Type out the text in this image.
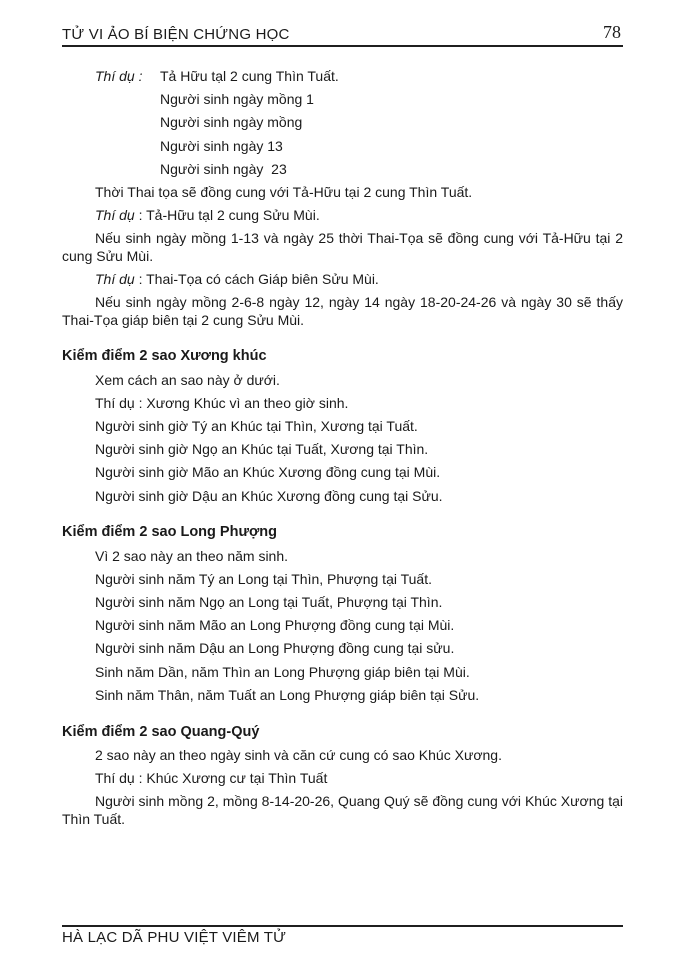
TỬ VI ẢO BÍ BIỆN CHỨNG HỌC	78
Thí dụ : Tả Hữu tạl 2 cung Thìn Tuất.
Người sinh ngày mồng 1
Người sinh ngày mồng
Người sinh ngày 13
Người sinh ngày  23
Thời Thai tọa sẽ đồng cung với Tả-Hữu tại 2 cung Thìn Tuất.
Thí dụ : Tả-Hữu tạl 2 cung Sửu Mùi.
Nếu sinh ngày mồng 1-13 và ngày 25 thời Thai-Tọa sẽ đồng cung với Tả-Hữu tại 2
cung Sửu Mùi.
Thí dụ : Thai-Tọa có cách Giáp biên Sửu Mùi.
Nếu sinh ngày mồng 2-6-8 ngày 12, ngày 14 ngày 18-20-24-26 và ngày 30 sẽ thấy
Thai-Tọa giáp biên tại 2 cung Sửu Mùi.
Kiểm điểm 2 sao Xương khúc
Xem cách an sao này ở dưới.
Thí dụ : Xương Khúc vì an theo giờ sinh.
Người sinh giờ Tý an Khúc tại Thìn, Xương tại Tuất.
Người sinh giờ Ngọ an Khúc tại Tuất, Xương tại Thìn.
Người sinh giờ Mão an Khúc Xương đồng cung tại Mùi.
Người sinh giờ Dậu an Khúc Xương đồng cung tại Sửu.
Kiểm điểm 2 sao Long Phượng
Vì 2 sao này an theo năm sinh.
Người sinh năm Tý an Long tại Thìn, Phượng tại Tuất.
Người sinh năm Ngọ an Long tại Tuất, Phượng tại Thìn.
Người sinh năm Mão an Long Phượng đồng cung tại Mùi.
Người sinh năm Dậu an Long Phượng đồng cung tại sửu.
Sinh năm Dần, năm Thìn an Long Phượng giáp biên tại Mùi.
Sinh năm Thân, năm Tuất an Long Phượng giáp biên tại Sửu.
Kiểm điểm 2 sao Quang-Quý
2 sao này an theo ngày sinh và căn cứ cung có sao Khúc Xương.
Thí dụ : Khúc Xương cư tại Thìn Tuất
Người sinh mồng 2, mồng 8-14-20-26, Quang Quý sẽ đồng cung với Khúc Xương tại
Thìn Tuất.
HÀ LẠC DÃ PHU VIỆT VIÊM TỬ
